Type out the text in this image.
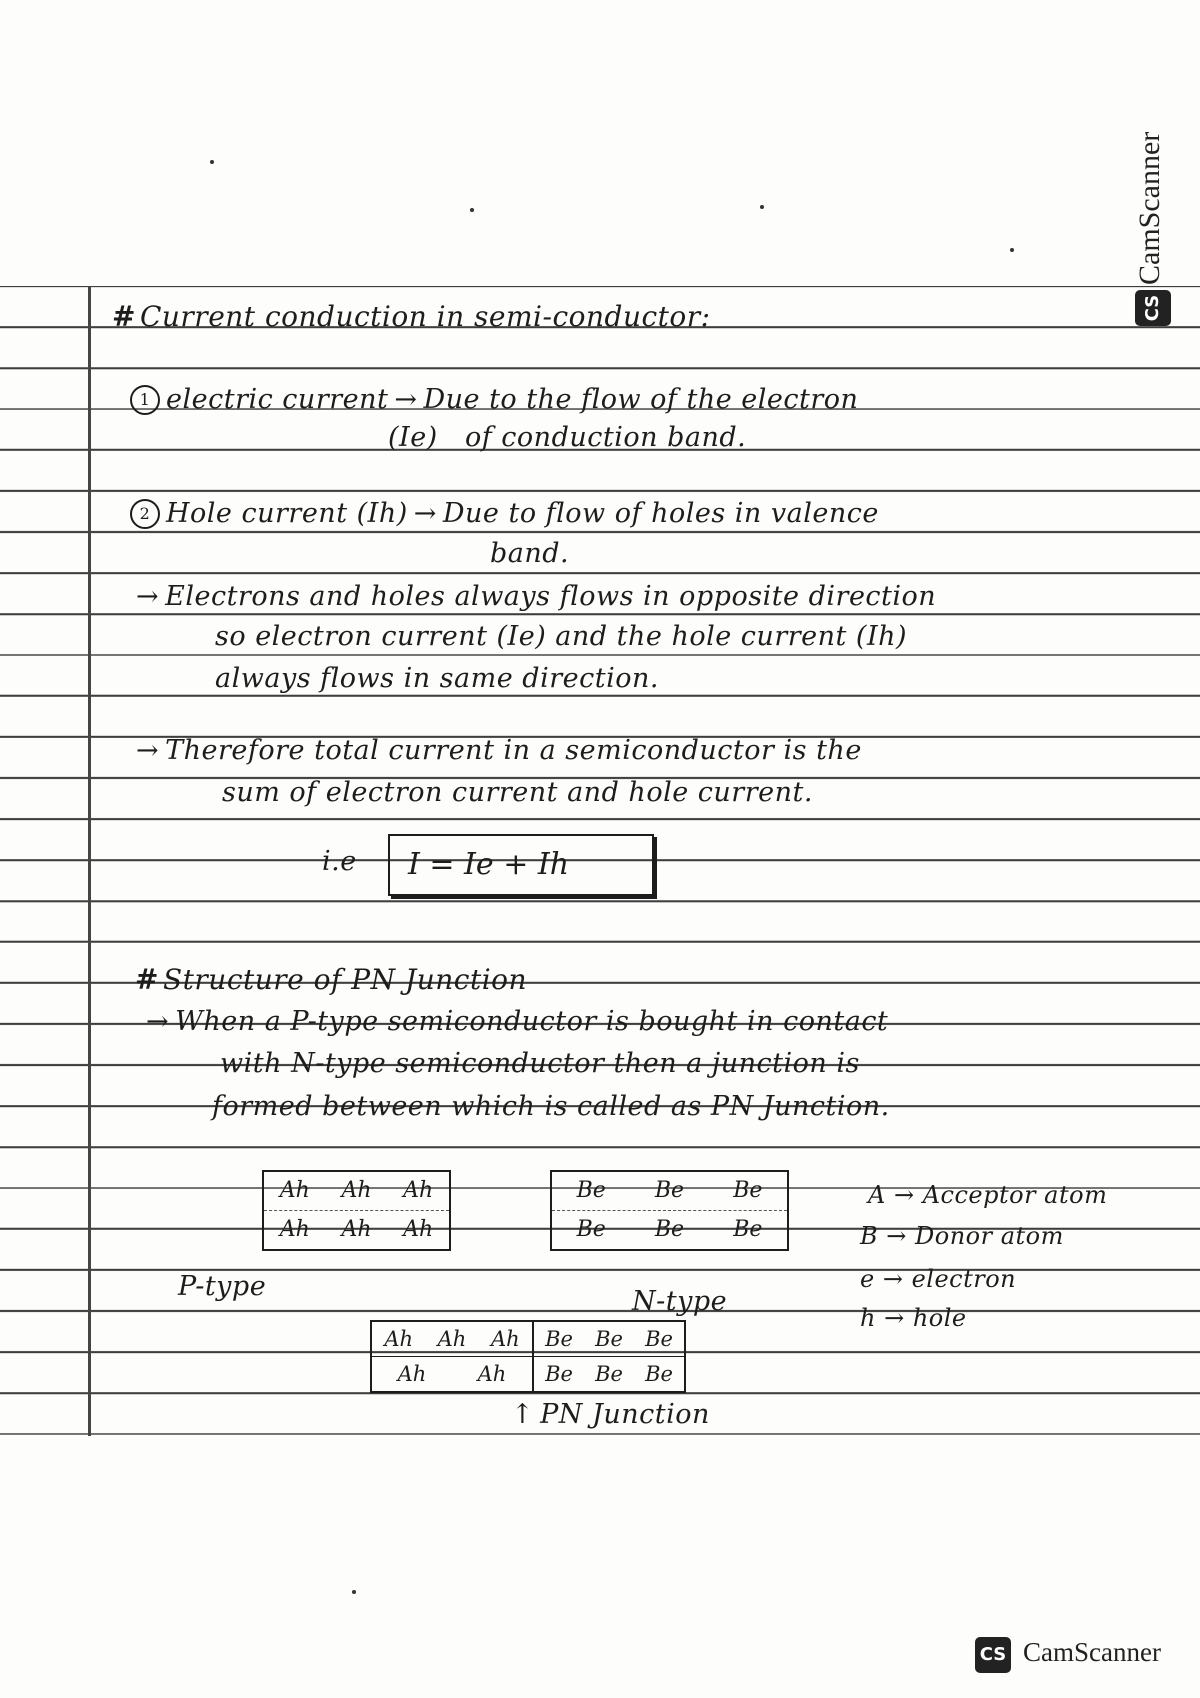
CS
CamScanner
# Current conduction in semi-conductor:
1 electric current → Due to the flow of the electron
(Ie) of conduction band.
2 Hole current (Ih) → Due to flow of holes in valence
band.
→ Electrons and holes always flows in opposite direction
so electron current (Ie) and the hole current (Ih)
always flows in same direction.
→ Therefore total current in a semiconductor is the
sum of electron current and hole current.
i.e	I = Ie + Ih
# Structure of PN Junction
→ When a P-type semiconductor is bought in contact
with N-type semiconductor then a junction is
formed between which is called as PN Junction.
Ah Ah Ah
Ah Ah Ah
P-type
Be Be Be
Be Be Be
N-type
A → Acceptor atom
B → Donor atom
e → electron
h → hole
Ah Ah Ah
Ah Ah
Be Be Be
Be Be Be
↑ PN Junction
CS CamScanner
